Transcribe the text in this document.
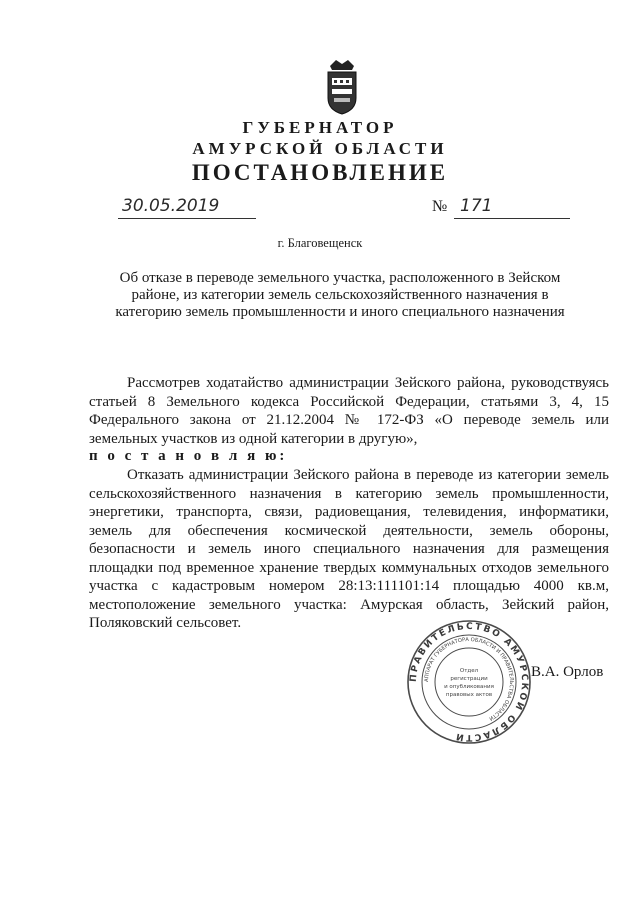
ГУБЕРНАТОР
АМУРСКОЙ ОБЛАСТИ
ПОСТАНОВЛЕНИЕ
30.05.2019	№ 171
г. Благовещенск
Об отказе в переводе земельного участка, расположенного в Зейском районе, из категории земель сельскохозяйственного назначения в категорию земель промышленности и иного специального назначения
Рассмотрев ходатайство администрации Зейского района, руководствуясь статьей 8 Земельного кодекса Российской Федерации, статьями 3, 4, 15 Федерального закона от 21.12.2004 № 172-ФЗ «О переводе земель или земельных участков из одной категории в другую»,
п о с т а н о в л я ю:
Отказать администрации Зейского района в переводе из категории земель сельскохозяйственного назначения в категорию земель промышленности, энергетики, транспорта, связи, радиовещания, телевидения, информатики, земель для обеспечения космической деятельности, земель обороны, безопасности и земель иного специального назначения для размещения площадки под временное хранение твердых коммунальных отходов земельного участка с кадастровым номером 28:13:111101:14 площадью 4000 кв.м, местоположение земельного участка: Амурская область, Зейский район, Поляковский сельсовет.
ПРАВИТЕЛЬСТВО АМУРСКОЙ ОБЛАСТИ
АППАРАТ ГУБЕРНАТОРА ОБЛАСТИ И ПРАВИТЕЛЬСТВА ОБЛАСТИ
Отдел
регистрации
и опубликования
правовых актов
В.А. Орлов
